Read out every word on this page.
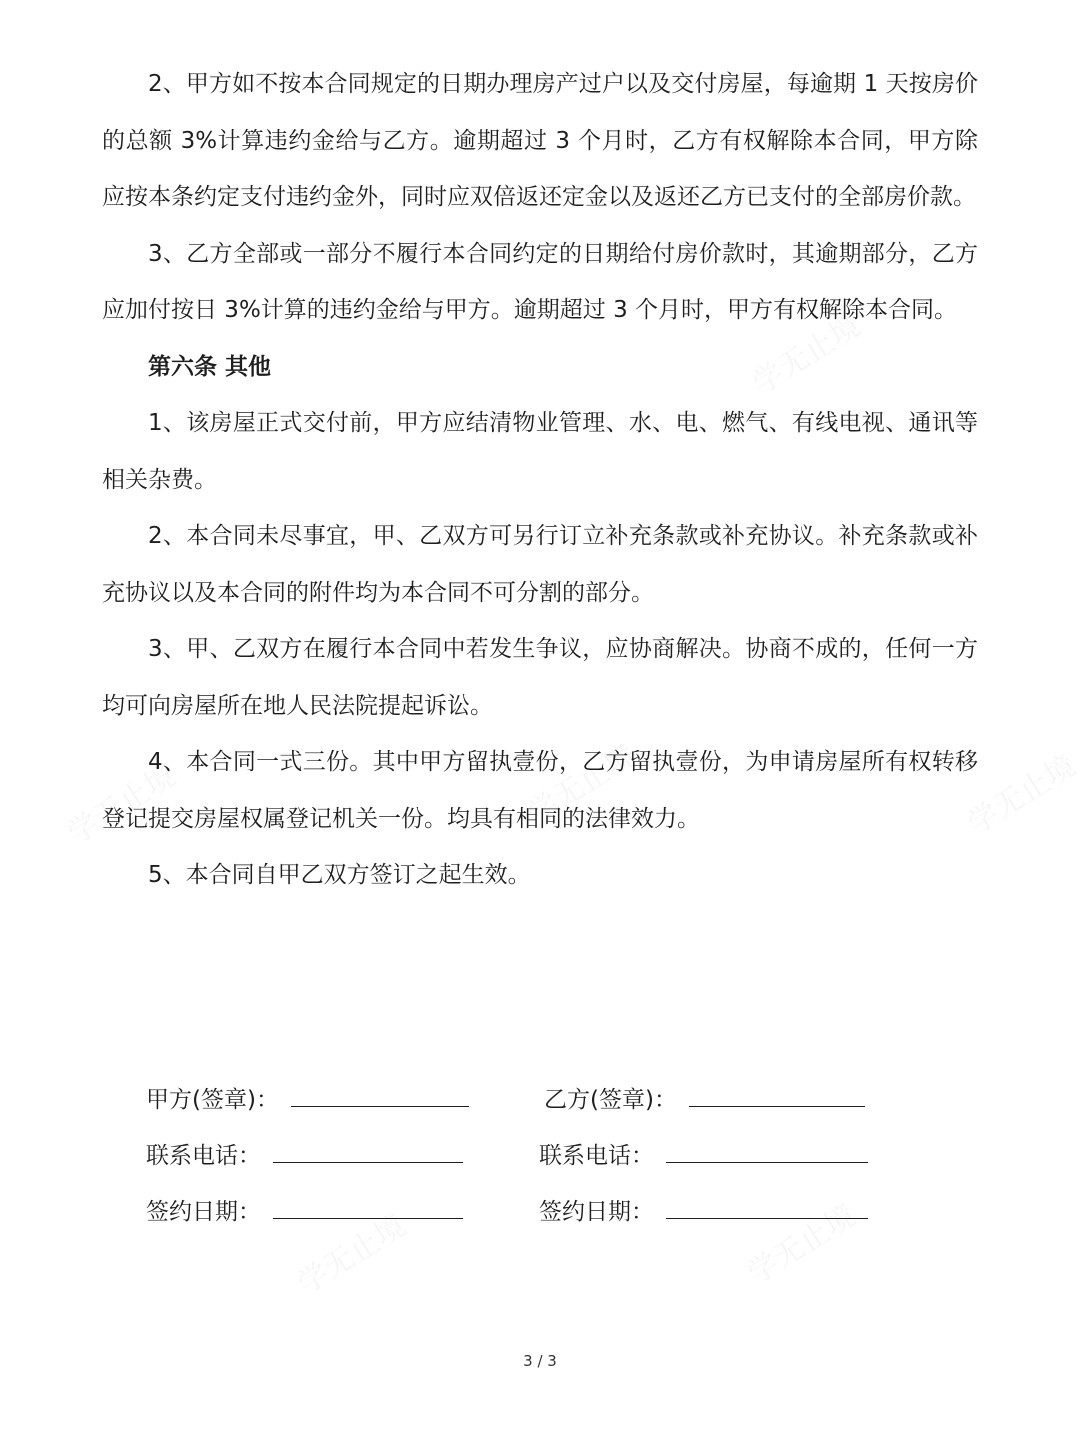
2、甲方如不按本合同规定的日期办理房产过户以及交付房屋，每逾期 1 天按房价的总额 3%计算违约金给与乙方。逾期超过 3 个月时，乙方有权解除本合同，甲方除应按本条约定支付违约金外，同时应双倍返还定金以及返还乙方已支付的全部房价款。

3、乙方全部或一部分不履行本合同约定的日期给付房价款时，其逾期部分，乙方应加付按日 3%计算的违约金给与甲方。逾期超过 3 个月时，甲方有权解除本合同。

第六条 其他

1、该房屋正式交付前，甲方应结清物业管理、水、电、燃气、有线电视、通讯等相关杂费。

2、本合同未尽事宜，甲、乙双方可另行订立补充条款或补充协议。补充条款或补充协议以及本合同的附件均为本合同不可分割的部分。

3、甲、乙双方在履行本合同中若发生争议，应协商解决。协商不成的，任何一方均可向房屋所在地人民法院提起诉讼。

4、本合同一式三份。其中甲方留执壹份，乙方留执壹份，为申请房屋所有权转移登记提交房屋权属登记机关一份。均具有相同的法律效力。

5、本合同自甲乙双方签订之起生效。

甲方(签章)：	乙方(签章)：
联系电话：	联系电话：
签约日期：	签约日期：
3 / 3
